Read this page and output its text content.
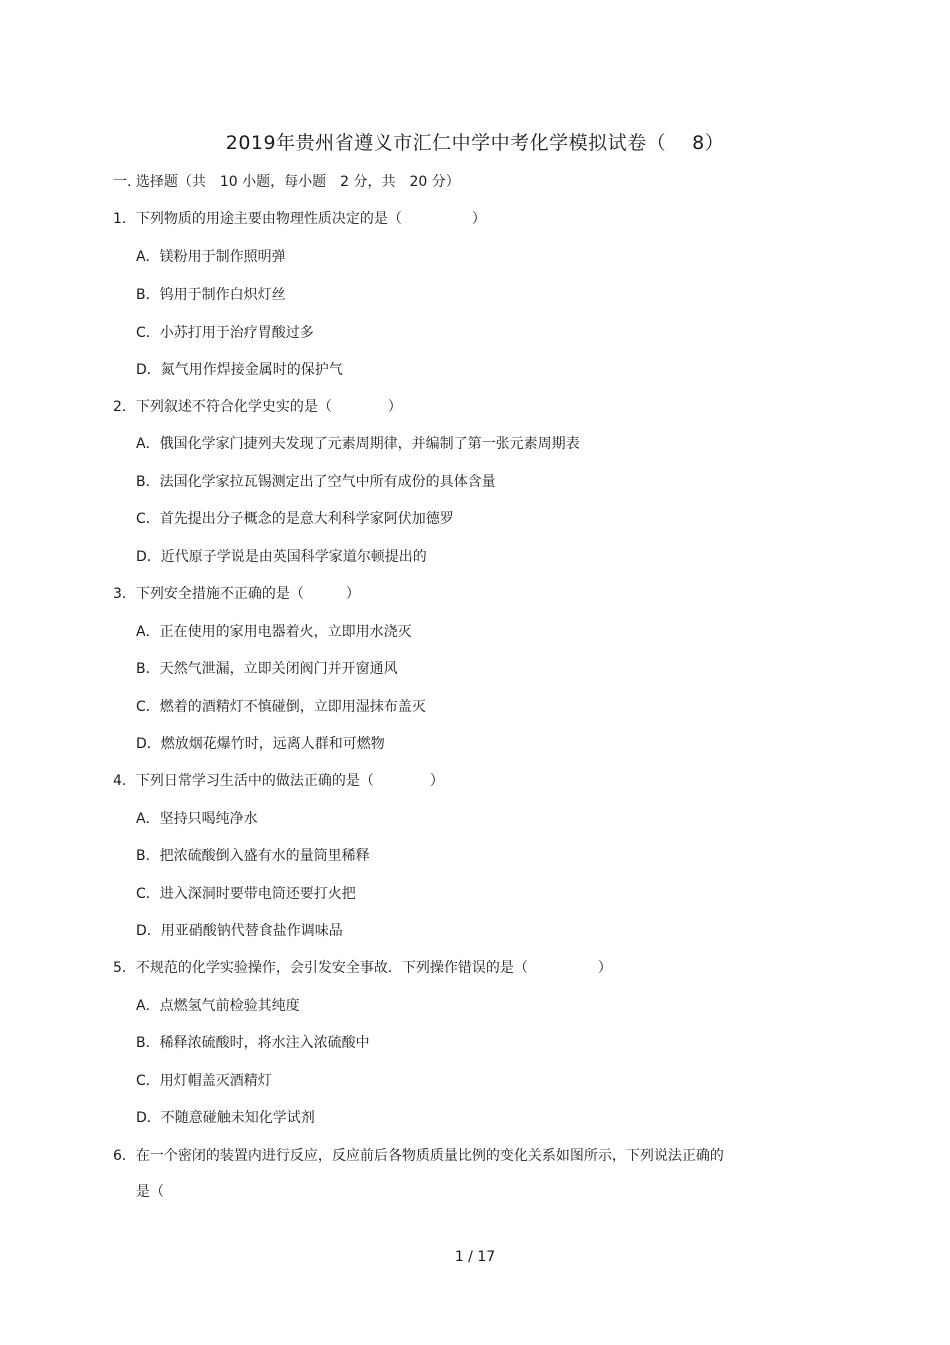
2019年贵州省遵义市汇仁中学中考化学模拟试卷（　 8）
一. 选择题（共　10 小题，每小题　2 分，共　20 分）
1．下列物质的用途主要由物理性质决定的是（　　　　　）
A．镁粉用于制作照明弹
B．钨用于制作白炽灯丝
C．小苏打用于治疗胃酸过多
D．氮气用作焊接金属时的保护气
2．下列叙述不符合化学史实的是（　　　　）
A．俄国化学家门捷列夫发现了元素周期律，并编制了第一张元素周期表
B．法国化学家拉瓦锡测定出了空气中所有成份的具体含量
C．首先提出分子概念的是意大利科学家阿伏加德罗
D．近代原子学说是由英国科学家道尔顿提出的
3．下列安全措施不正确的是（　　　）
A．正在使用的家用电器着火，立即用水浇灭
B．天然气泄漏，立即关闭阀门并开窗通风
C．燃着的酒精灯不慎碰倒，立即用湿抹布盖灭
D．燃放烟花爆竹时，远离人群和可燃物
4．下列日常学习生活中的做法正确的是（　　　　）
A．坚持只喝纯净水
B．把浓硫酸倒入盛有水的量筒里稀释
C．进入深洞时要带电筒还要打火把
D．用亚硝酸钠代替食盐作调味品
5．不规范的化学实验操作，会引发安全事故．下列操作错误的是（　　　　　）
A．点燃氢气前检验其纯度
B．稀释浓硫酸时，将水注入浓硫酸中
C．用灯帽盖灭酒精灯
D．不随意碰触未知化学试剂
6．在一个密闭的装置内进行反应，反应前后各物质质量比例的变化关系如图所示，下列说法正确的
是（
1 / 17
